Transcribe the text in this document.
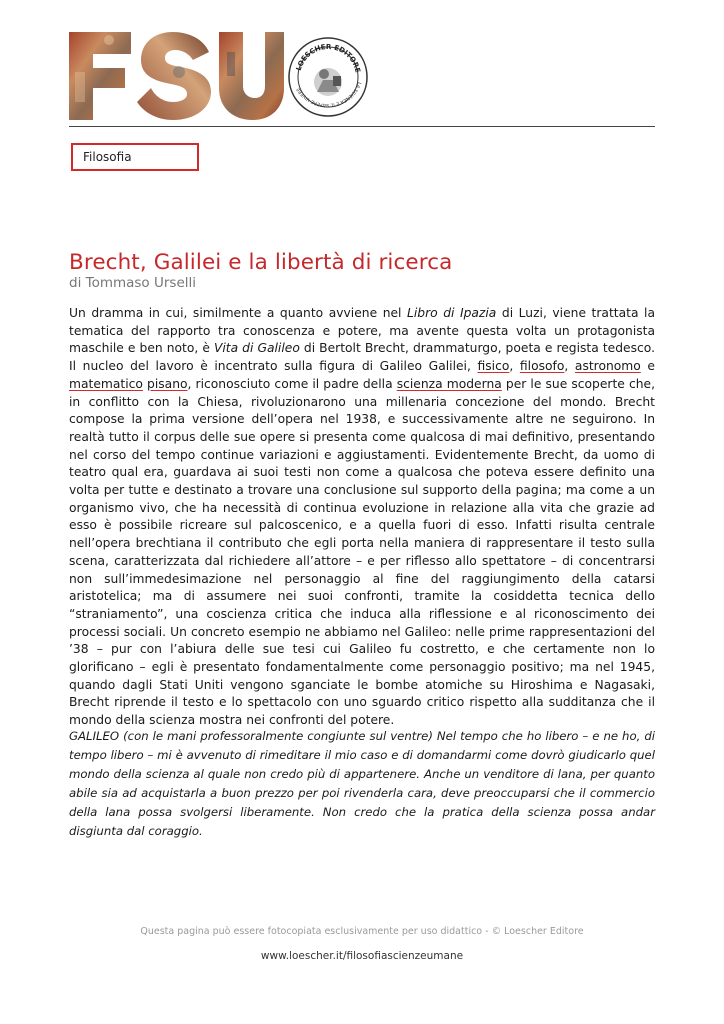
LOESCHER EDITORE
LA SCIENZA E IL SAPERE VIVERE
Filosofia
Brecht, Galilei e la libertà di ricerca
di Tommaso Urselli

Un dramma in cui, similmente a quanto avviene nel Libro di Ipazia di Luzi, viene trattata la tematica del rapporto tra conoscenza e potere, ma avente questa volta un protagonista maschile e ben noto, è Vita di Galileo di Bertolt Brecht, drammaturgo, poeta e regista tedesco. Il nucleo del lavoro è incentrato sulla figura di Galileo Galilei, fisico, filosofo, astronomo e matematico pisano, riconosciuto come il padre della scienza moderna per le sue scoperte che, in conflitto con la Chiesa, rivoluzionarono una millenaria concezione del mondo. Brecht compose la prima versione dell’opera nel 1938, e successivamente altre ne seguirono. In realtà tutto il corpus delle sue opere si presenta come qualcosa di mai definitivo, presentando nel corso del tempo continue variazioni e aggiustamenti. Evidentemente Brecht, da uomo di teatro qual era, guardava ai suoi testi non come a qualcosa che poteva essere definito una volta per tutte e destinato a trovare una conclusione sul supporto della pagina; ma come a un organismo vivo, che ha necessità di continua evoluzione in relazione alla vita che grazie ad esso è possibile ricreare sul palcoscenico, e a quella fuori di esso. Infatti risulta centrale nell’opera brechtiana il contributo che egli porta nella maniera di rappresentare il testo sulla scena, caratterizzata dal richiedere all’attore – e per riflesso allo spettatore – di concentrarsi non sull’immedesimazione nel personaggio al fine del raggiungimento della catarsi aristotelica; ma di assumere nei suoi confronti, tramite la cosiddetta tecnica dello “straniamento”, una coscienza critica che induca alla riflessione e al riconoscimento dei processi sociali. Un concreto esempio ne abbiamo nel Galileo: nelle prime rappresentazioni del ’38 – pur con l’abiura delle sue tesi cui Galileo fu costretto, e che certamente non lo glorificano – egli è presentato fondamentalmente come personaggio positivo; ma nel 1945, quando dagli Stati Uniti vengono sganciate le bombe atomiche su Hiroshima e Nagasaki, Brecht riprende il testo e lo spettacolo con uno sguardo critico rispetto alla sudditanza che il mondo della scienza mostra nei confronti del potere.

GALILEO (con le mani professoralmente congiunte sul ventre) Nel tempo che ho libero – e ne ho, di tempo libero – mi è avvenuto di rimeditare il mio caso e di domandarmi come dovrò giudicarlo quel mondo della scienza al quale non credo più di appartenere. Anche un venditore di lana, per quanto abile sia ad acquistarla a buon prezzo per poi rivenderla cara, deve preoccuparsi che il commercio della lana possa svolgersi liberamente. Non credo che la pratica della scienza possa andar disgiunta dal coraggio.
Questa pagina può essere fotocopiata esclusivamente per uso didattico - © Loescher Editore
www.loescher.it/filosofiascienzeumane
